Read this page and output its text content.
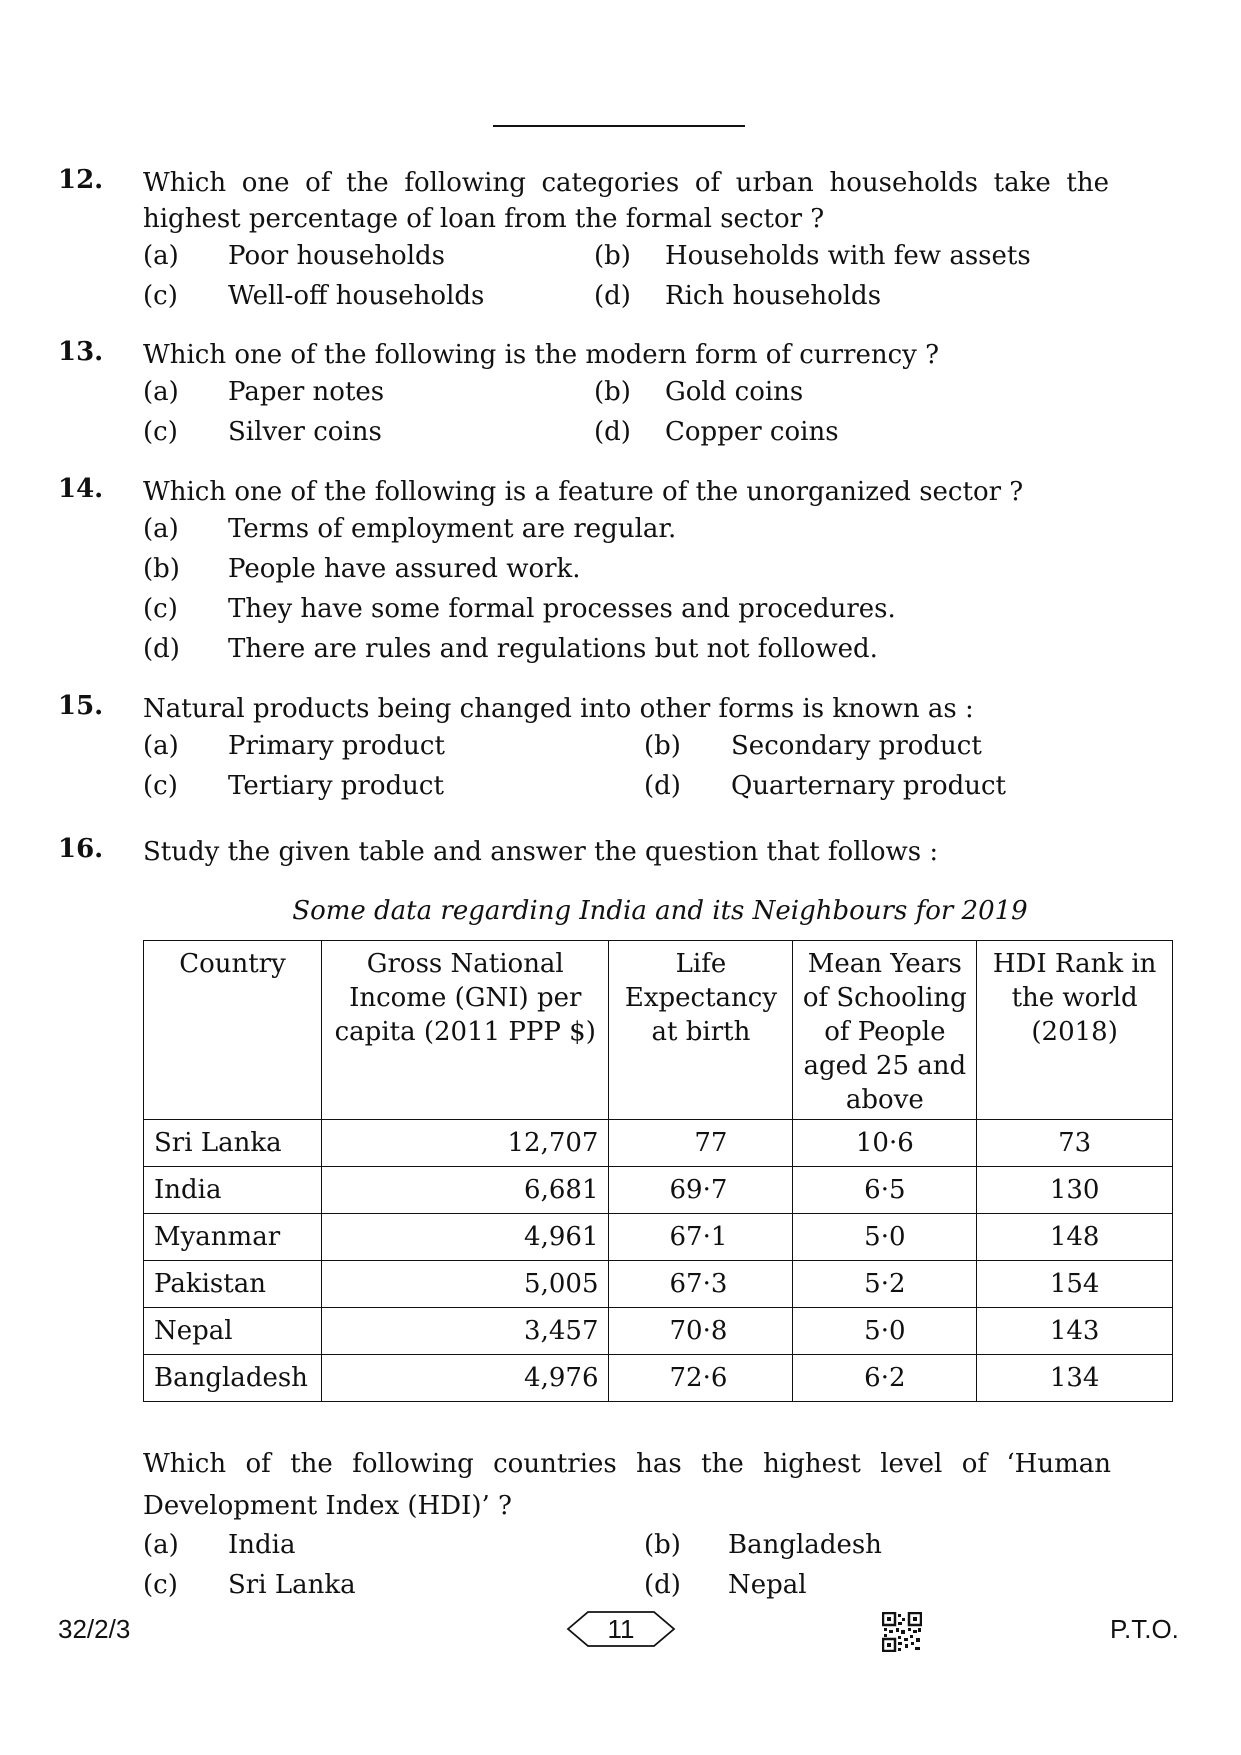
12. Which one of the following categories of urban households take the highest percentage of loan from the formal sector ?
(a) Poor households	(b) Households with few assets
(c) Well-off households	(d) Rich households
13. Which one of the following is the modern form of currency ?
(a) Paper notes	(b) Gold coins
(c) Silver coins	(d) Copper coins
14. Which one of the following is a feature of the unorganized sector ?
(a) Terms of employment are regular.
(b) People have assured work.
(c) They have some formal processes and procedures.
(d) There are rules and regulations but not followed.
15. Natural products being changed into other forms is known as :
(a) Primary product	(b) Secondary product
(c) Tertiary product	(d) Quarternary product
16. Study the given table and answer the question that follows :
Some data regarding India and its Neighbours for 2019
Country	Gross National Income (GNI) per capita (2011 PPP $)	Life Expectancy at birth	Mean Years of Schooling of People aged 25 and above	HDI Rank in the world (2018)
Sri Lanka	12,707	77	10·6	73
India	6,681	69·7	6·5	130
Myanmar	4,961	67·1	5·0	148
Pakistan	5,005	67·3	5·2	154
Nepal	3,457	70·8	5·0	143
Bangladesh	4,976	72·6	6·2	134
Which of the following countries has the highest level of ‘Human Development Index (HDI)’ ?
(a) India	(b) Bangladesh
(c) Sri Lanka	(d) Nepal
32/2/3	11	P.T.O.
